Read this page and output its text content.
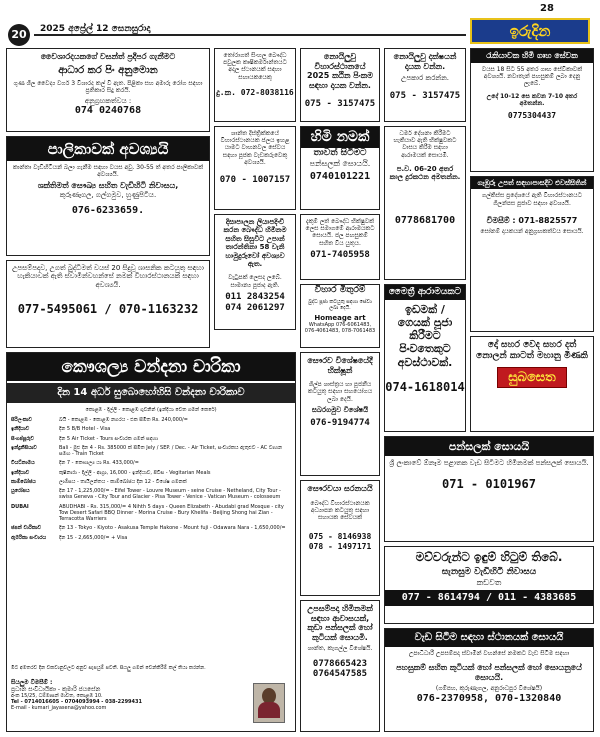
20	2025 අප්‍රේල් 12 සෙනසුරාදා
28
ඉරුදින
වෛශාරදයකගේ වසන්ත් ප්‍රදීපර ගැනීමට
ආධාර කර පිං අනුමොන
ගුණ ශීල වෛද්‍ය වර්ග 3 විශාරද කල් වී ඇත. පිළිකා සහ අමාරු රෝග සඳහා ප්‍රතිකාර සිදු කරයි.
අනුග්‍රහකත්වය :
074 0240768
පාලිකාවක් අවශ්‍යයි
කාන්තා වැඩිහිටියන් බලා ගැනීම සඳහා වයස අවු. 30-55 ත් අතර පාලිකාවක් අවශ්‍යයි.
ශක්තිමත් සෞඛ්‍ය සහිත වැඩිහිටි නිවාසය,
කුරුණෑගල, ගල්ගමුව, හුණුපිටිය.
076-6233659.
උපසම්පදාව, උගත් බුද්ධිමත් වයස් 20 සිදුවූ ශාසනික කටයුතු සඳහා හැකියාවක් ඇති ස්වාමීන්වහන්සේ නමක් විහාරස්ථානයක් සඳහා අවශ්‍යයි.
077-5495061 / 070-1163232
තෝරාගත් සිංහල බෞද්ධ පවුලක කෘෂිකර්මාන්තයට අදාල ස්ථානයක් සඳහා සහායකයෙකු
දු.ක. 072-8038116
ශාන්ත දිස්ත්‍රික්කයේ විහාරස්ථානයක ජලය ඉහළ යාමට වාහනවල සේවය සඳහා පූජක වැඩකරුවෙකු අවශ්‍යයි.
070 - 1007157
දිසාපාලන ලියාපදිංචි කරන බෞද්ධ හිමිනම සහිත සිසුවිට උපාන් තාරන්තිනා 58 වැනි හාමුදුරුවෝ අවශ්‍යව ඇත.
වැටුපක් ලෙසද ලබේ. සාමාන්‍ය පූජාද ඇති.
011 2843254
074 2061297
නොයිලුවු විහාරස්ථානයේ 2025 කඨින පිංකම සඳහා දායක වන්න.
075 - 3157475
හිමි නමක්
තාවත් සිටිමට
පන්සලක් සොයයි.
0740101221
දැකුම් ලත් බෞද්ධ භික්ෂුවක් ලෙස සමාගමේ ආරාමයකට සොයයි. ජල පහසුකම් සහිත විය යුතුය.
071-7405958
විහාර මිතුරම්
බුද්ධ පූජා කටයුතු සඳහා සේවා ලබා දෙයි.
Homeage art
WhatsApp 076-6061483,
076-4061483, 078-7061483
නොයිලුවු දක්ෂයන් දායක වන්න.
උපකාර කරන්න.
075 - 3157475
ධර්ම දේශනා කිරීමට හැකියාව ඇති භික්ෂුවකට වාසය කිරීම සඳහා ආරාමයක් සොයමි.
ප.ව. 06-20 අතර කාල දුරකථන අමතන්න.
0778681700
මෛත්‍රී ආරාමයකට
ඉඩමක් / ගෙයක් පූජා කිරීමට පිංවතෙකුට අවස්ථාවක්.
074-1618014
රැකියාවක හිමි ගෘහ සේවක
වයස 18 සිට 55 අතර ගෘහ සේවිකාවක් අවශ්‍යයි. නවාතැන් පහසුකම් ලබා දෙනු ලැබේ.
උදේ 10-12 සෙ කවන 7-10 අතර අමතන්න.
0775304437
ගැඹුරු උපත් සඳහාපාසදීව ළුවස්සිතින්
ගල්කිස්ස ප්‍රදේශයේ ඇති විහාරස්ථානයට ගිලන්පස පූජාව සඳහා අවශ්‍යයි.
විමසීම් : 071-8825577
සෝනම් දායකයන් අනුග්‍රහකත්වය සොයයි.
දෝ සහර වෙද සහර දත් නොලන් කාටත් මහානු මිණකි
සුබසෙත
කෞශල්‍ය වන්දනා චාරිකා
දින 14 අර්ධ සුබොහෝහිසි වන්දනා චාරිකාව
කොළඹ - දිල්ලි - කොළඹ ගුවනින් (ඉන්දියා වෙත ගමන් කෙරේ)
සිරිලංකාව	බයි - කොළඹ - කොළඹ නගරය - එක සීමිත Rs. 240,000/=
ඉනිදියාව	දින 5 B/B Hotel - Visa
සිංගප්පූරුව	දින 5 Air Ticket - Tours සංචාරක ගමන් සඳහා
ඉන්දුනීසියාව	Bali - මුළු දින 4 - Rs. 385000 ක් සීමිත Jely / SEP. / Dec. - Air Ticket, සංචාරකය ඇතුළුව - AC වාහන සමඟ - Train Ticket
වියට්නාමය	දින 7 - කෞශල්‍ය යා Rs. 433,000/=
ඉන්දියාව	කුෂිනාරා - දිල්ලි - ආග්‍රා, 16,000 - ඉන්දියාව, පිවිස - Vegitarian Meals
කාම්බෝජය	ලාඕසය - තායිලන්තය - කාම්බෝජය දින 12 - විශේෂ ගමනක්
යුරෝපය	දින 17 - 1,225,000/= - Eifel Tower - Louvre Museum - seine Cruise - Netheland, City Tour - swiss Geneva - City Tour and Glacier - Pisa Tower - Venice - Vatican Museum - colosseum
DUBAI	ABUDHABI - Rs. 315,000/= 4 Nihth 5 days - Queen Elizabeth - Abudabi grad Mosque - city Tow Desert Safari BBQ Dinner - Morina Cruise - Bury Khelifa - Beijing Shong hai Zian - Terracotta Warriers
ජපන් චාරිකාව	දින 13 - Tokyo - Kiyoto - Asakusa Temple Hakone - Mount fuji - Odawara Nara - 1,650,000/=
ඇමරිකා සංචාරය	දින 15 - 2,665,000/= + Visa
මීට අමතරව දින වකවානුවලට අනුව සැපයුම් පවතී. සියලු ගමන් වෙන්කිරීම් කල් තියා කරන්න.
සියලුම විමසීම් :
ප්‍රධාන සංවිධායිකා - කුමාරි ජයසේන
අංක 15/25, ධම්මාසන් මාවත, කොළඹ 10.
Tel - 0714016605 - 0704093994 - 038-2299431
E-mail - kumari_jayasena@yahoo.com
සෞරව විශේෂයේදී භික්ෂූන්
ශිල්ප ශාස්ත්‍රය හා පූජනීය කටයුතු සඳහා සහයෝගය ලබා දෙයි.
සබරගමුව විශේෂයි
076-9194774
සෞරවයා සරනයයි
බෞද්ධ විහාරස්ථානයක අධ්‍යාපන කටයුතු සඳහා සහායක සේවයක්
075 - 8146938
078 - 1497171
උපසම්පදා හිමිනමක් සඳහා ආවාසයක්, කුඩා පන්සලක් හෝ කුටියක් සොයමි.
ශාන්ත, කැගල්ල විශේෂයි.
0778665423
0764547585
පන්සලක් සොයයි
ශ්‍රී ලංකාවේ ඕනෑම පළාතක වැඩ සිටීමට හිමිනමක් පන්සලක් සොයයි.
071 - 0101967
මව්වරුන්ට ඉඳුම් හිටුම් තිබේ.
සැනසුම වැඩිහිටි නිවාසය
කඩවත
077 - 8614794 / 011 - 4383685
වැඩ සිටීම සඳහා ස්ථානයක් සොයයි
උපාධිධාරී උපසම්පදා ස්වාමීන් වහන්සේ නමකට වැඩ සිටීම සඳහා
පහසුකම් සහිත කුටියක් හෝ පන්සලක් හෝ සොයනුයේ සොයයි.
(ගම්පහ, කුරුණෑගල, අනුරාධපුර විශේෂයි)
076-2370958, 070-1320840
